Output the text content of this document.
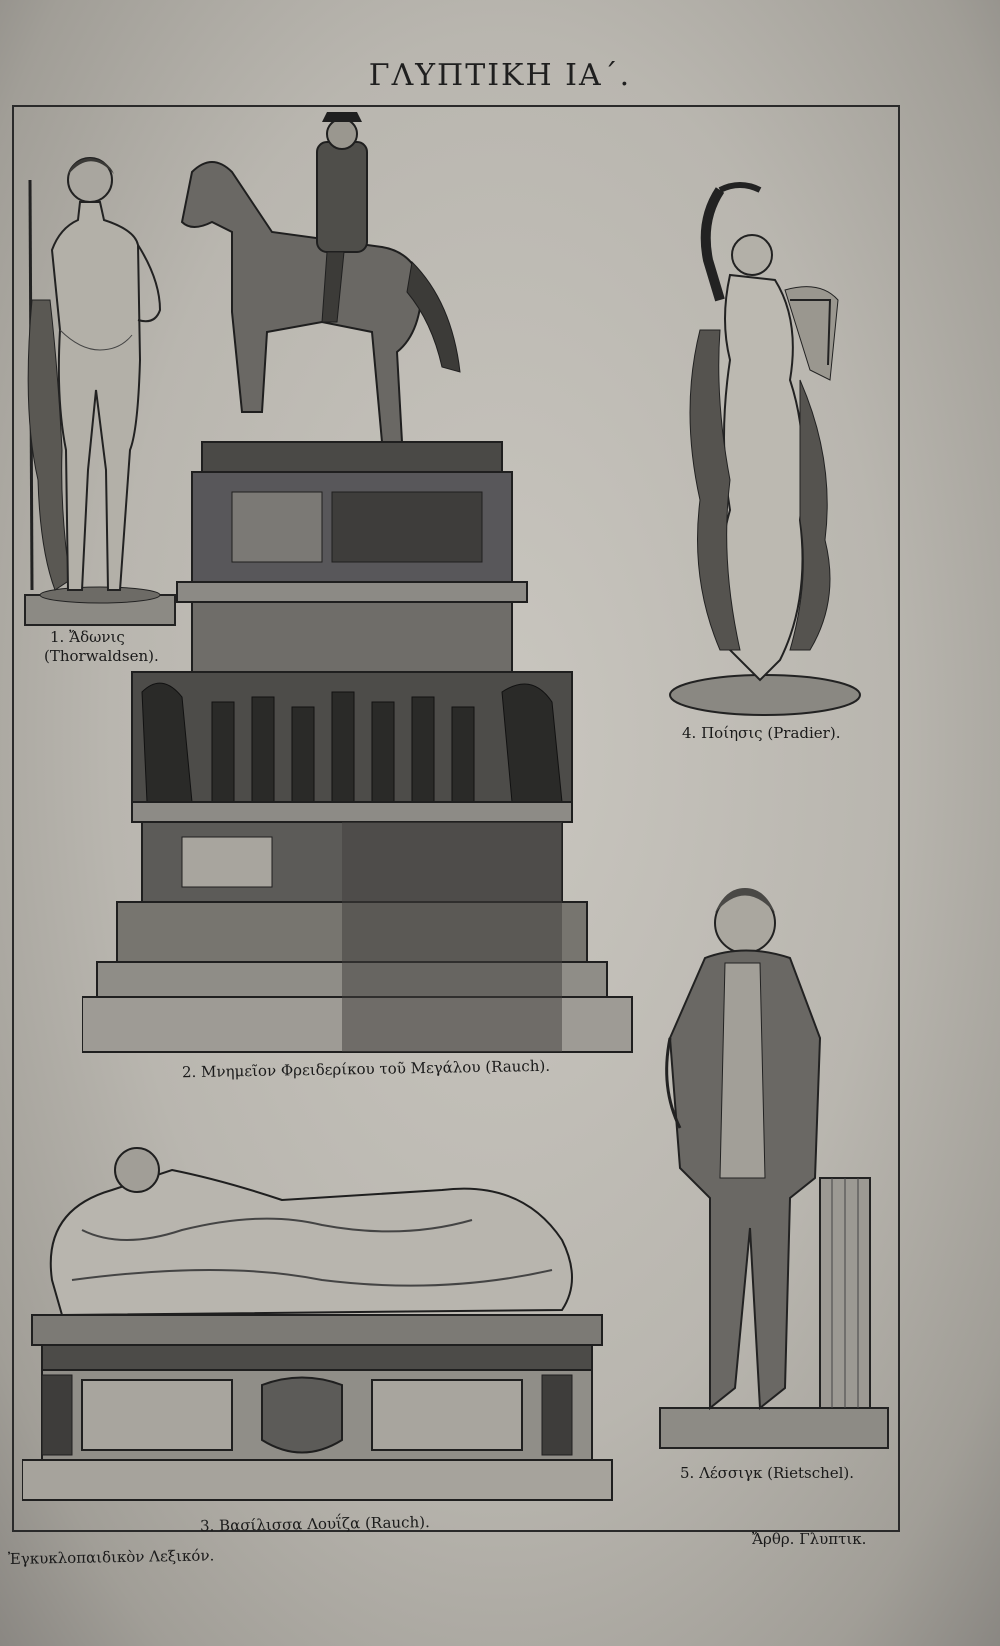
ΓΛΥΠΤΙΚΗ ΙΑ΄.
1. Ἄδωνις
(Thorwaldsen).
2. Μνημεῖον Φρειδερίκου τοῦ Μεγάλου (Rauch).
4. Ποίησις (Pradier).
3. Βασίλισσα Λουΐζα (Rauch).
5. Λέσσιγκ (Rietschel).
Ἐγκυκλοπαιδικὸν Λεξικόν.
Ἄρθρ. Γλυπτικ.
